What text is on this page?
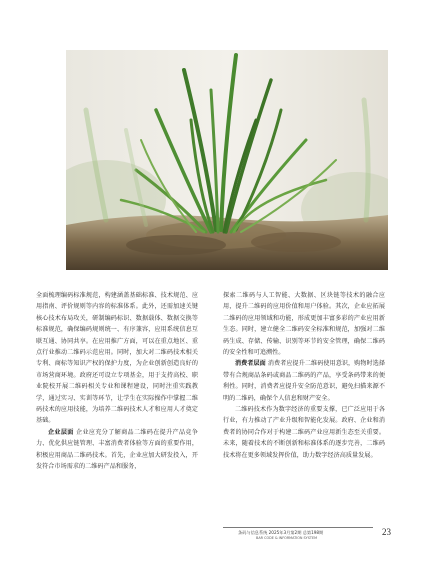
全面梳理编码标准规范，构建涵盖基础标准、技术规范、应用指南、评价规则等内容的标准体系。此外，还需加速关键核心技术布局攻关，研制编码标识、数据载体、数据交换等标准规范，确保编码规则统一、有序兼容，应用系统信息互联互通、协同共享。在应用推广方面，可以在重点地区、重点行业推动二维码示范应用。同时，加大对二维码技术相关专利、商标等知识产权的保护力度，为企业创新创造良好的市场营商环境。政府还可设立专项基金，用于支持高校、职业院校开展二维码相关专业和课程建设，同时注重实践教学，通过实习、实训等环节，让学生在实际操作中掌握二维码技术的应用技能，为培养二维码技术人才和应用人才奠定基础。

企业层面 企业应充分了解商品二维码在提升产品竞争力、优化供应链管理、丰富消费者体验等方面的重要作用，积极应用商品二维码技术。首先，企业应加大研发投入，开发符合市场需求的二维码产品和服务，

探索二维码与人工智能、大数据、区块链等技术的融合应用，提升二维码的应用价值和用户体验。其次，企业应拓展二维码的应用领域和功能，形成更加丰富多彩的产业应用新生态。同时，建立健全二维码安全标准和规范，加强对二维码生成、存储、传输、识别等环节的安全管理，确保二维码的安全性和可追溯性。

消费者层面 消费者应提升二维码使用意识，购物时选择带有合规商品条码或商品二维码的产品，享受条码带来的便利性。同时，消费者应提升安全防范意识，避免扫描来源不明的二维码，确保个人信息和财产安全。

二维码技术作为数字经济的重要支撑，已广泛应用于各行业，有力推动了产业升级和智能化发展。政府、企业和消费者的协同合作对于构建二维码产业应用新生态至关重要。未来，随着技术的不断创新和标准体系的逐步完善，二维码技术将在更多领域发挥价值，助力数字经济高质量发展。

条码与信息系统 2025年3月第2期 总第198期
BAR CODE & INFORMATION SYSTEM
23
